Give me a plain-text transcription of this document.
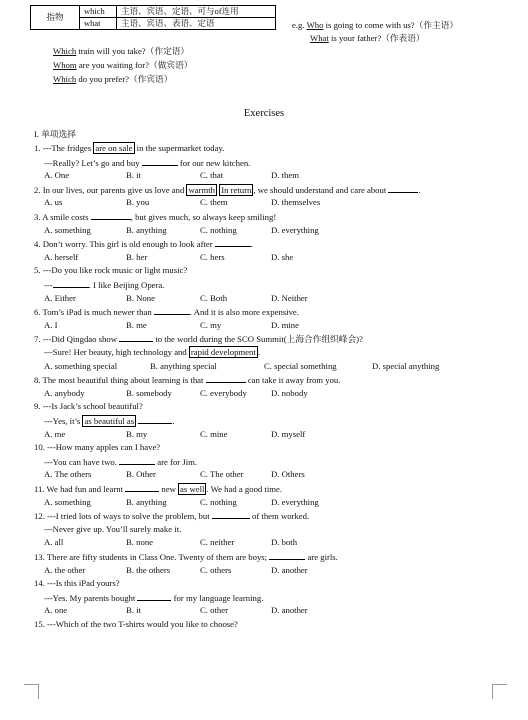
指物	which	主语、宾语、定语、可与of连用
	what	主语、宾语、表语、定语	e.g. Who is going to come with us?（作主语）
What is your father?（作表语）
Which train will you take?（作定语）
Whom are you waiting for?（做宾语）
Which do you prefer?（作宾语）
Exercises
I. 单项选择
1. ---The fridges are on sale in the supermarket today.
---Really? Let’s go and buy	for our new kitchen.
A. One	B. it	C. that	D. them
2. In our lives, our parents give us love and warmth In return , we should understand and care about	.
A. us	B. you	C. them	D. themselves
3. A smile costs	, but gives much, so always keep smiling!
A. something	B. anything	C. nothing	D. everything
4. Don’t worry. This girl is old enough to look after	.
A. herself	B. her	C. hers	D. she
5. ---Do you like rock music or light music?
---	. I like Beijing Opera.
A. Either	B. None	C. Both	D. Neither
6. Tom’s iPad is much newer than	. And it is also more expensive.
A. I	B. me	C. my	D. mine
7. ---Did Qingdao show	to the world during the SCO Summit(上海合作组织峰会)?
---Sure! Her beauty, high technology and rapid development .
A. something special	B. anything special	C. special something	D. special anything
8. The most beautiful thing about learning is that	can take it away from you.
A. anybody	B. somebody	C. everybody	D. nobody
9. ---Is Jack’s school beautiful?
---Yes, it’s as beautiful as	.
A. me	B. my	C. mine	D. myself
10. ---How many apples can I have?
---You can have two.	are for Jim.
A. The others	B. Other	C. The other	D. Others
11. We had fun and learnt	new as well . We had a good time.
A. something	B. anything	C. nothing	D. everything
12. ---I tried lots of ways to solve the problem, but	of them worked.
---Never give up. You’ll surely make it.
A. all	B. none	C. neither	D. both
13. There are fifty students in Class One. Twenty of them are boys;	are girls.
A. the other	B. the others	C. others	D. another
14. ---Is this iPad yours?
---Yes. My parents bought	for my language learning.
A. one	B. it	C. other	D. another
15. ---Which of the two T-shirts would you like to choose?
